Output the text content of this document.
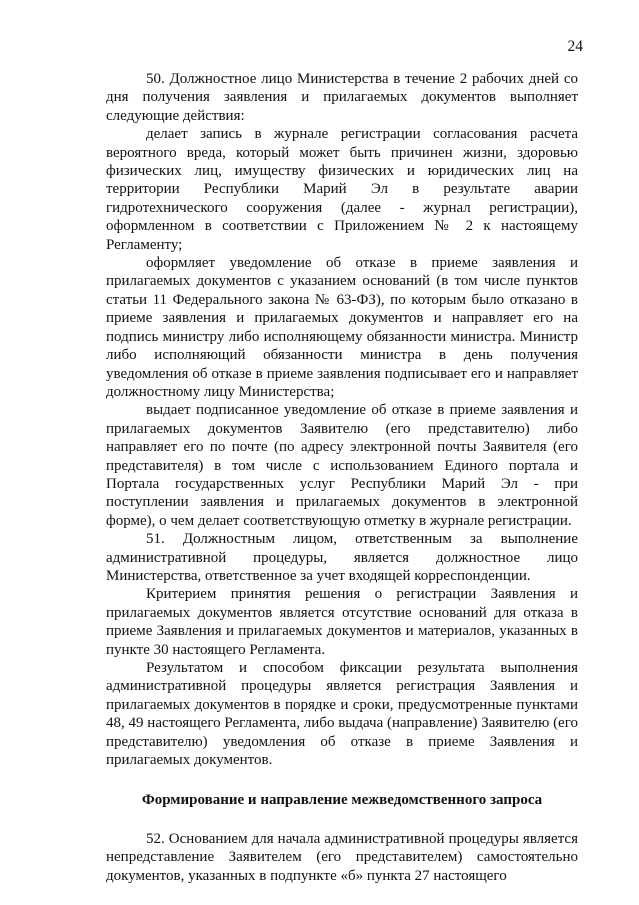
24

50. Должностное лицо Министерства в течение 2 рабочих дней со дня получения заявления и прилагаемых документов выполняет следующие действия:

делает запись в журнале регистрации согласования расчета вероятного вреда, который может быть причинен жизни, здоровью физических лиц, имуществу физических и юридических лиц на территории Республики Марий Эл в результате аварии гидротехнического сооружения (далее - журнал регистрации), оформленном в соответствии с Приложением № 2 к настоящему Регламенту;

оформляет уведомление об отказе в приеме заявления и прилагаемых документов с указанием оснований (в том числе пунктов статьи 11 Федерального закона № 63-ФЗ), по которым было отказано в приеме заявления и прилагаемых документов и направляет его на подпись министру либо исполняющему обязанности министра. Министр либо исполняющий обязанности министра в день получения уведомления об отказе в приеме заявления подписывает его и направляет должностному лицу Министерства;

выдает подписанное уведомление об отказе в приеме заявления и прилагаемых документов Заявителю (его представителю) либо направляет его по почте (по адресу электронной почты Заявителя (его представителя) в том числе с использованием Единого портала и Портала государственных услуг Республики Марий Эл - при поступлении заявления и прилагаемых документов в электронной форме), о чем делает соответствующую отметку в журнале регистрации.

51. Должностным лицом, ответственным за выполнение административной процедуры, является должностное лицо Министерства, ответственное за учет входящей корреспонденции.

Критерием принятия решения о регистрации Заявления и прилагаемых документов является отсутствие оснований для отказа в приеме Заявления и прилагаемых документов и материалов, указанных в пункте 30 настоящего Регламента.

Результатом и способом фиксации результата выполнения административной процедуры является регистрация Заявления и прилагаемых документов в порядке и сроки, предусмотренные пунктами 48, 49 настоящего Регламента, либо выдача (направление) Заявителю (его представителю) уведомления об отказе в приеме Заявления и прилагаемых документов.

Формирование и направление межведомственного запроса

52. Основанием для начала административной процедуры является непредставление Заявителем (его представителем) самостоятельно документов, указанных в подпункте «б» пункта 27 настоящего
